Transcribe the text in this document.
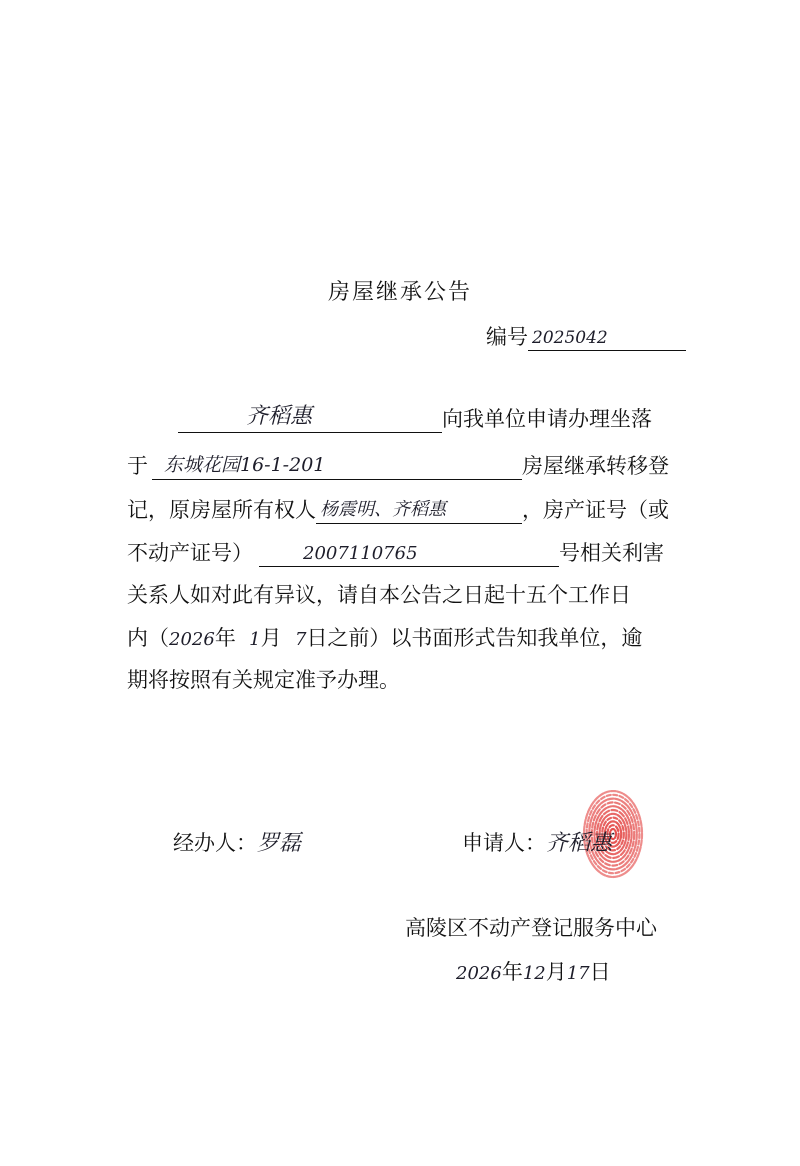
房屋继承公告
编号 2025042
齐稻惠	向我单位申请办理坐落
于 东城花园16-1-201	房屋继承转移登
记，原房屋所有权人 杨震明、齐稻惠	，房产证号（或
不动产证号）	2007110765	号相关利害
关系人如对此有异议，请自本公告之日起十五个工作日
内（2026年 1月 7日之前）以书面形式告知我单位，逾
期将按照有关规定准予办理。
经办人：罗磊	申请人：齐稻惠
高陵区不动产登记服务中心
2026年12月17日
